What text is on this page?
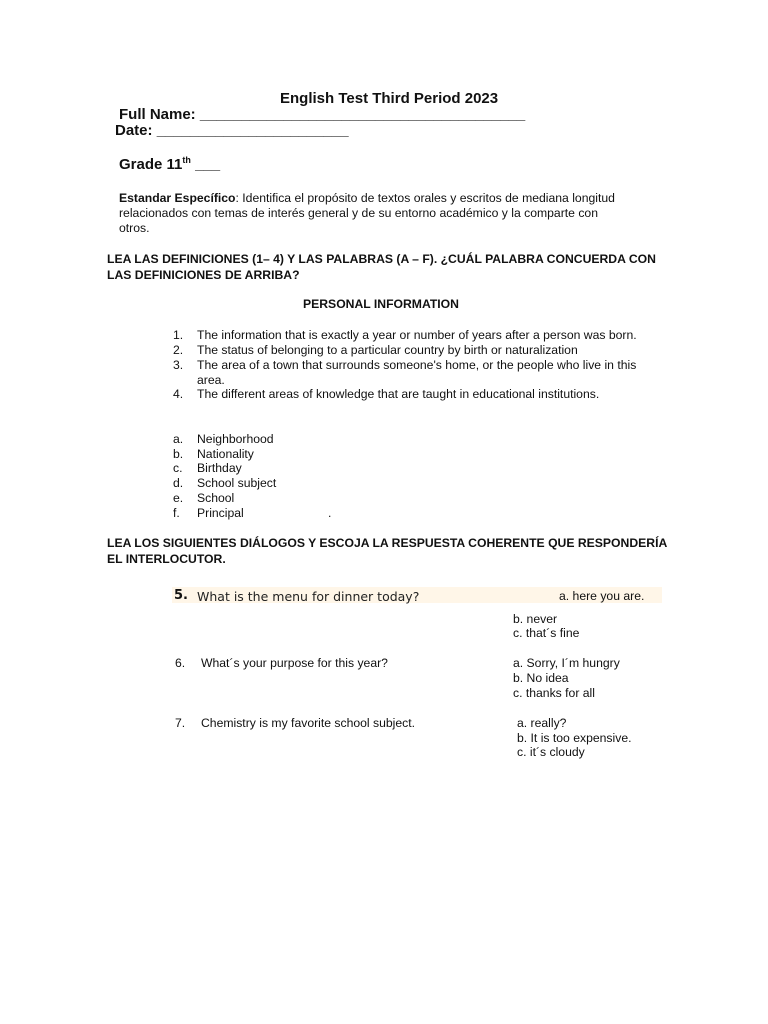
English Test Third Period 2023
Full Name: _______________________________________
Date: _______________________
Grade 11th ___
Estandar Específico: Identifica el propósito de textos orales y escritos de mediana longitud relacionados con temas de interés general y de su entorno académico y la comparte con otros.
LEA LAS DEFINICIONES (1– 4) Y LAS PALABRAS (A – F). ¿CUÁL PALABRA CONCUERDA CON LAS DEFINICIONES DE ARRIBA?
PERSONAL INFORMATION
1. The information that is exactly a year or number of years after a person was born.
2. The status of belonging to a particular country by birth or naturalization
3. The area of a town that surrounds someone's home, or the people who live in this
area.
4. The different areas of knowledge that are taught in educational institutions.
a. Neighborhood
b. Nationality
c. Birthday
d. School subject
e. School
f. Principal	.
LEA LOS SIGUIENTES DIÁLOGOS Y ESCOJA LA RESPUESTA COHERENTE QUE RESPONDERÍA EL INTERLOCUTOR.
5. What is the menu for dinner today?	a. here you are.
b. never
c. that´s fine
6. What´s your purpose for this year?	a. Sorry, I´m hungry
b. No idea
c. thanks for all
7. Chemistry is my favorite school subject.	a. really?
b. It is too expensive.
c. it´s cloudy
